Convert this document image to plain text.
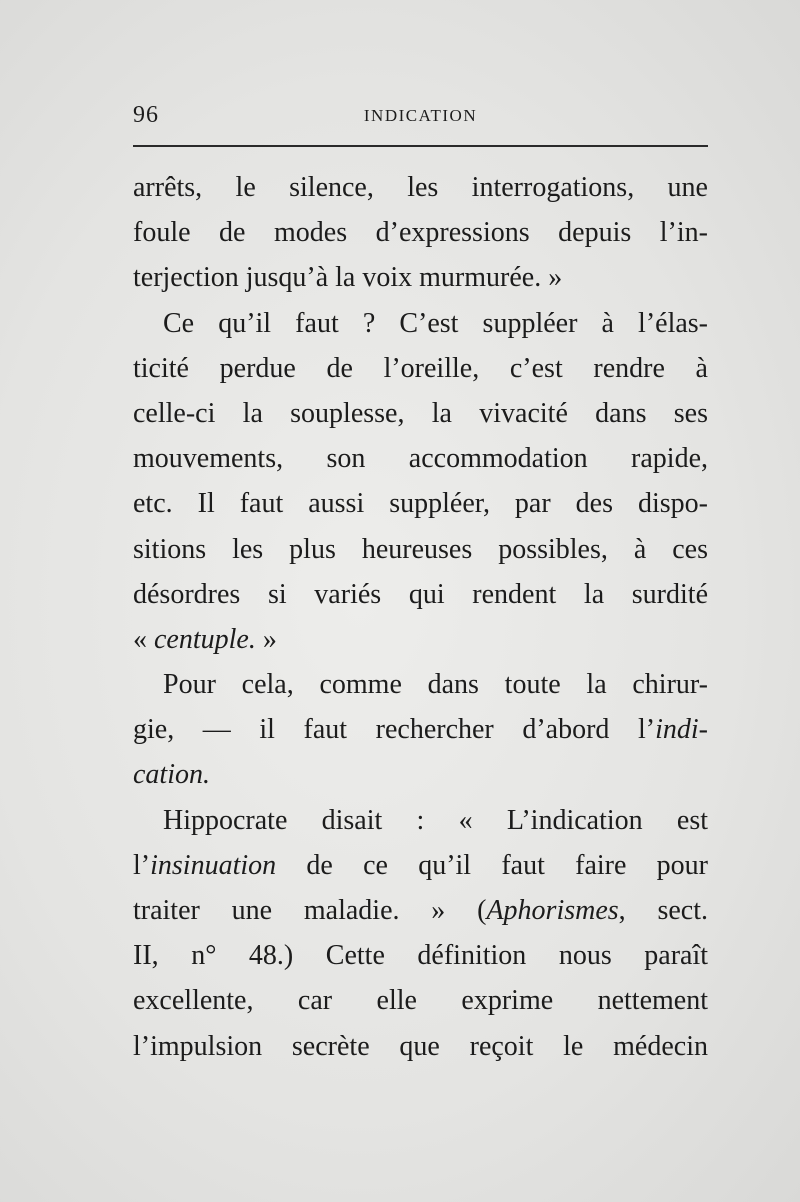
96	INDICATION
arrêts, le silence, les interrogations, une
foule de modes d’expressions depuis l’in-
terjection jusqu’à la voix murmurée. »
Ce qu’il faut ? C’est suppléer à l’élas-
ticité perdue de l’oreille, c’est rendre à
celle-ci la souplesse, la vivacité dans ses
mouvements, son accommodation rapide,
etc. Il faut aussi suppléer, par des dispo-
sitions les plus heureuses possibles, à ces
désordres si variés qui rendent la surdité
« centuple. »
Pour cela, comme dans toute la chirur-
gie, — il faut rechercher d’abord l’indi-
cation.
Hippocrate disait : « L’indication est
l’insinuation de ce qu’il faut faire pour
traiter une maladie. » (Aphorismes, sect.
II, n° 48.) Cette définition nous paraît
excellente, car elle exprime nettement
l’impulsion secrète que reçoit le médecin
